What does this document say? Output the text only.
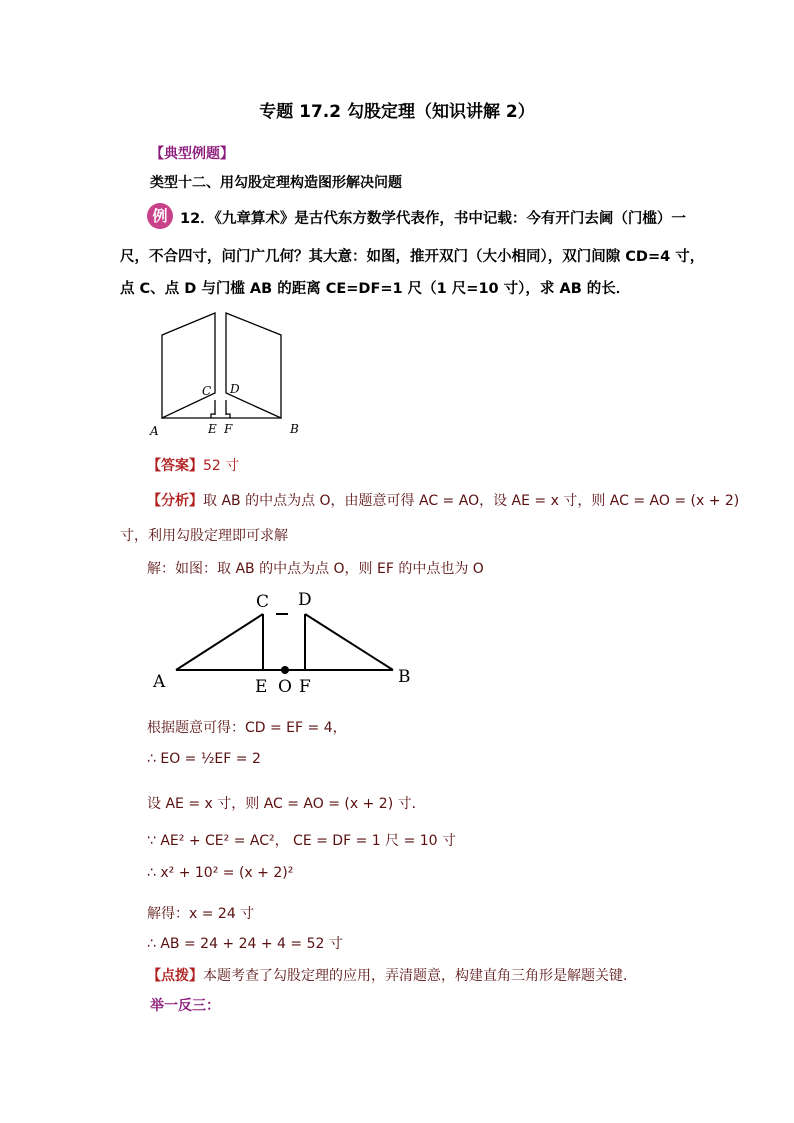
专题 17.2 勾股定理（知识讲解 2）
【典型例题】
类型十二、用勾股定理构造图形解决问题
例 12．《九章算术》是古代东方数学代表作，书中记载：今有开门去阃（门槛）一
尺，不合四寸，问门广几何？其大意：如图，推开双门（大小相同），双门间隙 CD=4 寸，
点 C、点 D 与门槛 AB 的距离 CE=DF=1 尺（1 尺=10 寸），求 AB 的长．
C D
A	E F	B
【答案】52 寸
【分析】取 AB 的中点为点 O，由题意可得 AC = AO，设 AE = x 寸，则 AC = AO = (x + 2)
寸，利用勾股定理即可求解
解：如图：取 AB 的中点为点 O，则 EF 的中点也为 O
C D
A	E O F	B
根据题意可得：CD = EF = 4，
∴ EO = ½EF = 2
设 AE = x 寸，则 AC = AO = (x + 2) 寸．
∵ AE² + CE² = AC²， CE = DF = 1 尺 = 10 寸
∴ x² + 10² = (x + 2)²
解得：x = 24 寸
∴ AB = 24 + 24 + 4 = 52 寸
【点拨】本题考查了勾股定理的应用，弄清题意，构建直角三角形是解题关键．
举一反三：
